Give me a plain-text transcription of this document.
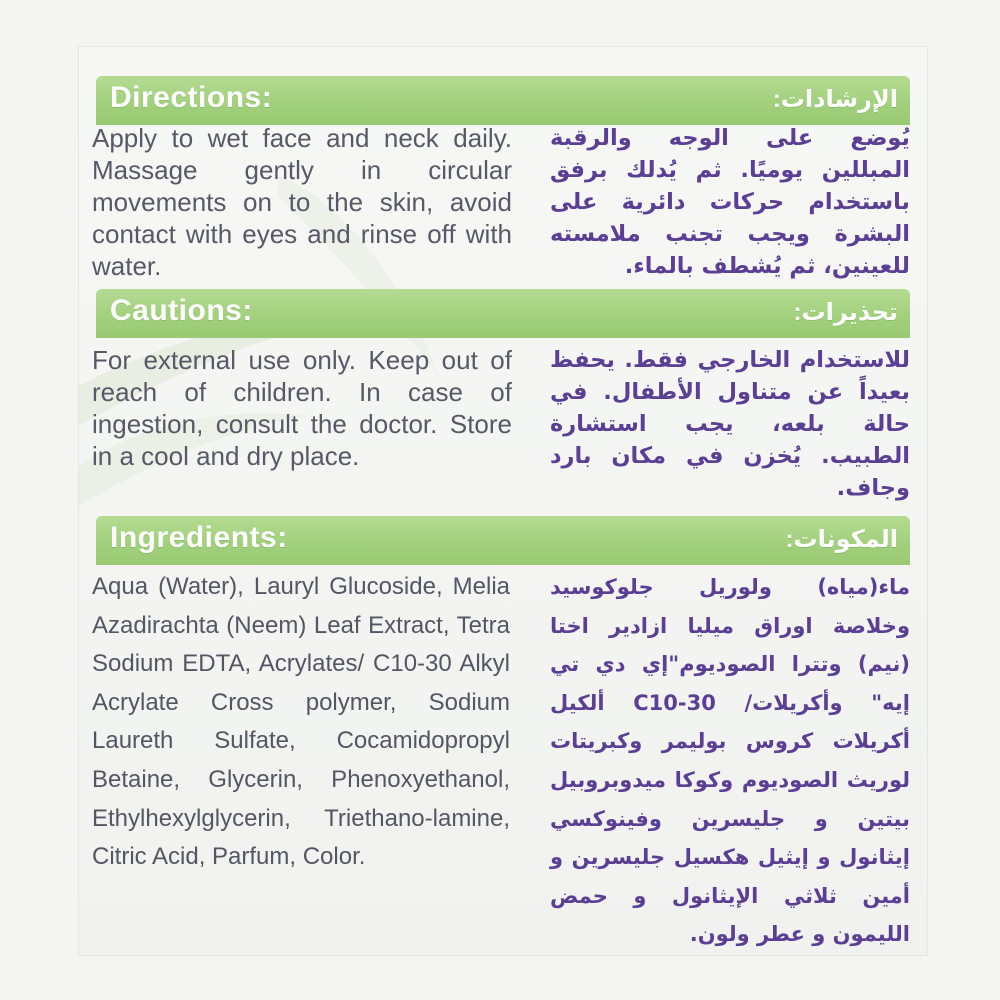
Directions:	الإرشادات:
Apply to wet face and neck daily. Massage gently in circular movements on to the skin, avoid contact with eyes and rinse off with water.
يُوضع على الوجه والرقبة المبللين يوميًا. ثم يُدلك برفق باستخدام حركات دائرية على البشرة ويجب تجنب ملامسته للعينين، ثم يُشطف بالماء.
Cautions:	تحذيرات:
For external use only. Keep out of reach of children. In case of ingestion, consult the doctor. Store in a cool and dry place.
للاستخدام الخارجي فقط. يحفظ بعيداً عن متناول الأطفال. في حالة بلعه، يجب استشارة الطبيب. يُخزن في مكان بارد وجاف.
Ingredients:	المكونات:
Aqua (Water), Lauryl Glucoside, Melia Azadirachta (Neem) Leaf Extract, Tetra Sodium EDTA, Acrylates/ C10-30 Alkyl Acrylate Cross polymer, Sodium Laureth Sulfate, Cocamidopropyl Betaine, Glycerin, Phenoxyethanol, Ethylhexylglycerin, Triethano-lamine, Citric Acid, Parfum, Color.
ماء(مياه) ولوريل جلوكوسيد وخلاصة اوراق ميليا ازادير اختا (نيم) وتترا الصوديوم"إي دي تي إيه" وأكريلات/ C10-30 ألكيل أكريلات كروس بوليمر وكبريتات لوريث الصوديوم وكوكا ميدوبروبيل بيتين و جليسرين وفينوكسي إيثانول و إيثيل هكسيل جليسرين و أمين ثلاثي الإيثانول و حمض الليمون و عطر ولون.
